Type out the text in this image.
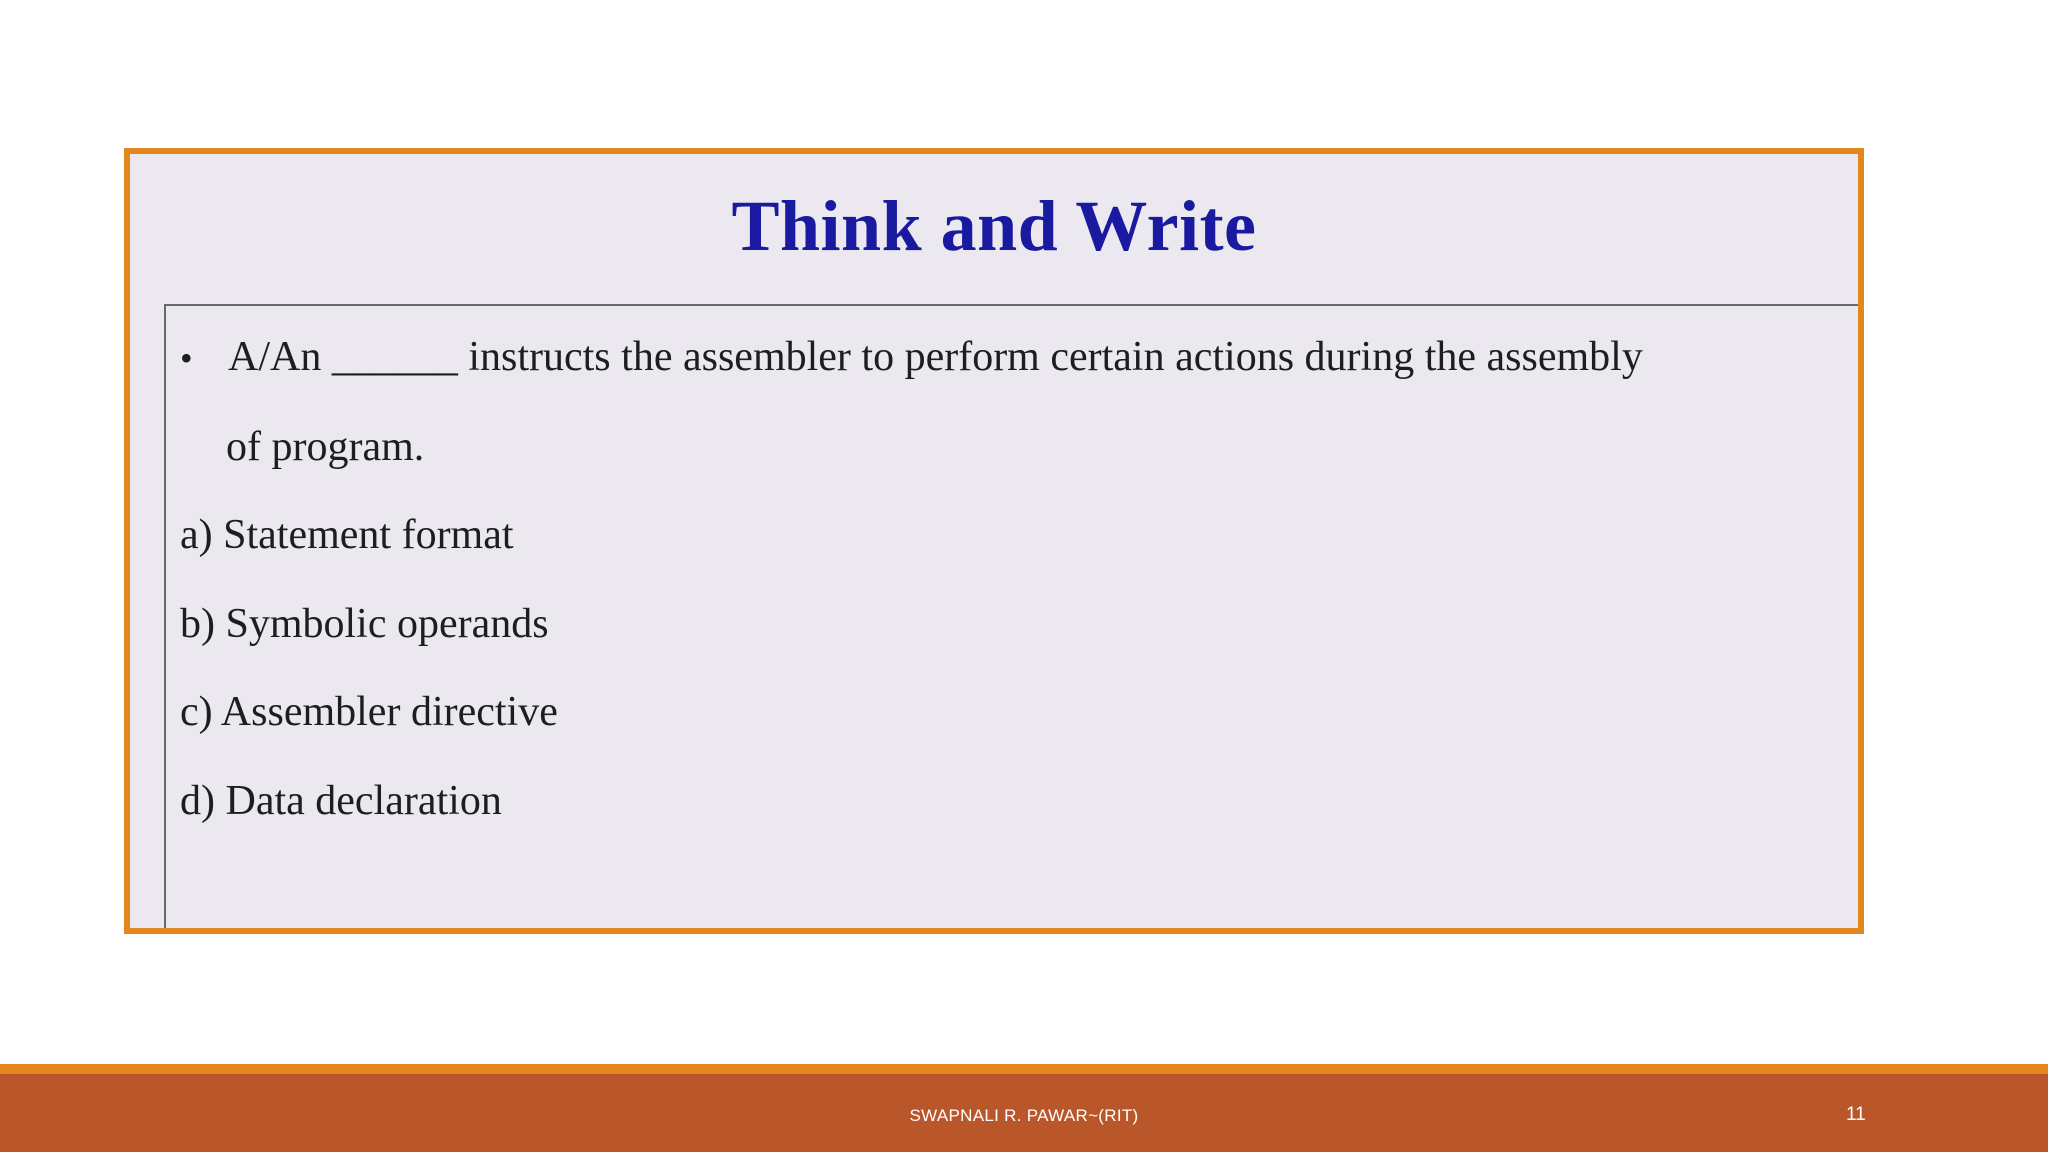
Think and Write
• A/An ______ instructs the assembler to perform certain actions during the assembly

of program.

a) Statement format

b) Symbolic operands

c) Assembler directive

d) Data declaration

SWAPNALI R. PAWAR~(RIT)	11
